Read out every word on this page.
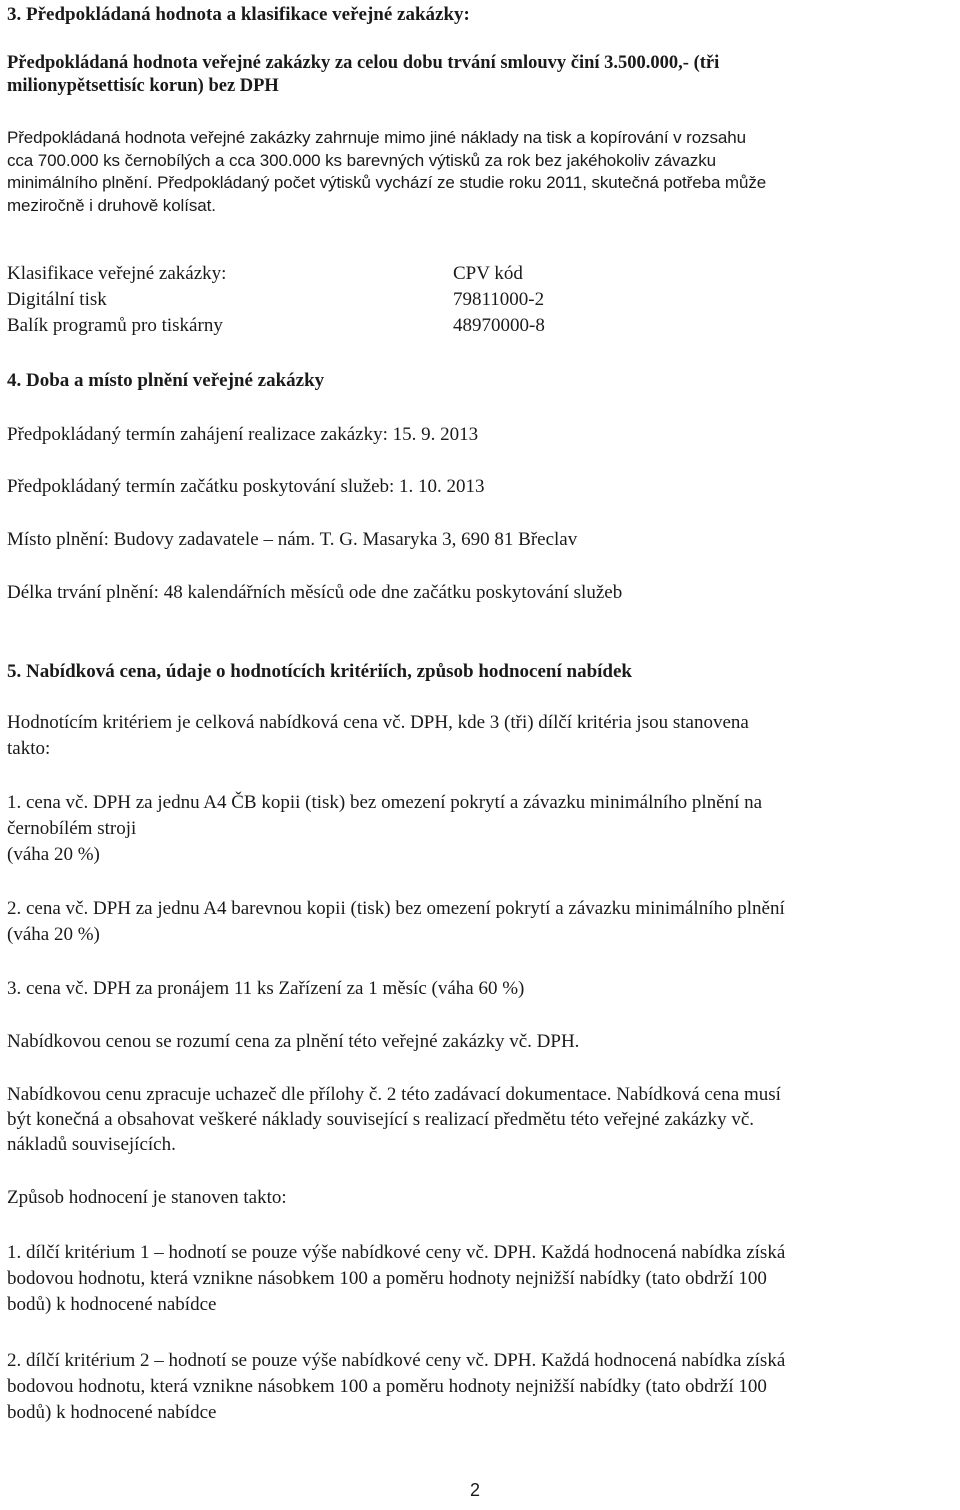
3. Předpokládaná hodnota a klasifikace veřejné zakázky:
Předpokládaná hodnota veřejné zakázky za celou dobu trvání smlouvy činí 3.500.000,- (tři
milionypětsettisíc korun) bez DPH
Předpokládaná hodnota veřejné zakázky zahrnuje mimo jiné náklady na tisk a kopírování v rozsahu
cca 700.000 ks černobílých a cca 300.000 ks barevných výtisků za rok bez jakéhokoliv závazku
minimálního plnění. Předpokládaný počet výtisků vychází ze studie roku 2011, skutečná potřeba může
meziročně i druhově kolísat.
Klasifikace veřejné zakázky:	CPV kód
Digitální tisk	79811000-2
Balík programů pro tiskárny	48970000-8
4. Doba a místo plnění veřejné zakázky
Předpokládaný termín zahájení realizace zakázky: 15. 9. 2013
Předpokládaný termín začátku poskytování služeb: 1. 10. 2013
Místo plnění: Budovy zadavatele – nám. T. G. Masaryka 3, 690 81 Břeclav
Délka trvání plnění: 48 kalendářních měsíců ode dne začátku poskytování služeb
5. Nabídková cena, údaje o hodnotících kritériích, způsob hodnocení nabídek
Hodnotícím kritériem je celková nabídková cena vč. DPH, kde 3 (tři) dílčí kritéria jsou stanovena
takto:
1. cena vč. DPH za jednu A4 ČB kopii (tisk) bez omezení pokrytí a závazku minimálního plnění na
černobílém stroji
(váha 20 %)
2. cena vč. DPH za jednu A4 barevnou kopii (tisk) bez omezení pokrytí a závazku minimálního plnění
(váha 20 %)
3. cena vč. DPH za pronájem 11 ks Zařízení za 1 měsíc (váha 60 %)
Nabídkovou cenou se rozumí cena za plnění této veřejné zakázky vč. DPH.
Nabídkovou cenu zpracuje uchazeč dle přílohy č. 2 této zadávací dokumentace. Nabídková cena musí
být konečná a obsahovat veškeré náklady související s realizací předmětu této veřejné zakázky vč.
nákladů souvisejících.
Způsob hodnocení je stanoven takto:
1. dílčí kritérium 1 – hodnotí se pouze výše nabídkové ceny vč. DPH. Každá hodnocená nabídka získá
bodovou hodnotu, která vznikne násobkem 100 a poměru hodnoty nejnižší nabídky (tato obdrží 100
bodů) k hodnocené nabídce
2. dílčí kritérium 2 – hodnotí se pouze výše nabídkové ceny vč. DPH. Každá hodnocená nabídka získá
bodovou hodnotu, která vznikne násobkem 100 a poměru hodnoty nejnižší nabídky (tato obdrží 100
bodů) k hodnocené nabídce
2
